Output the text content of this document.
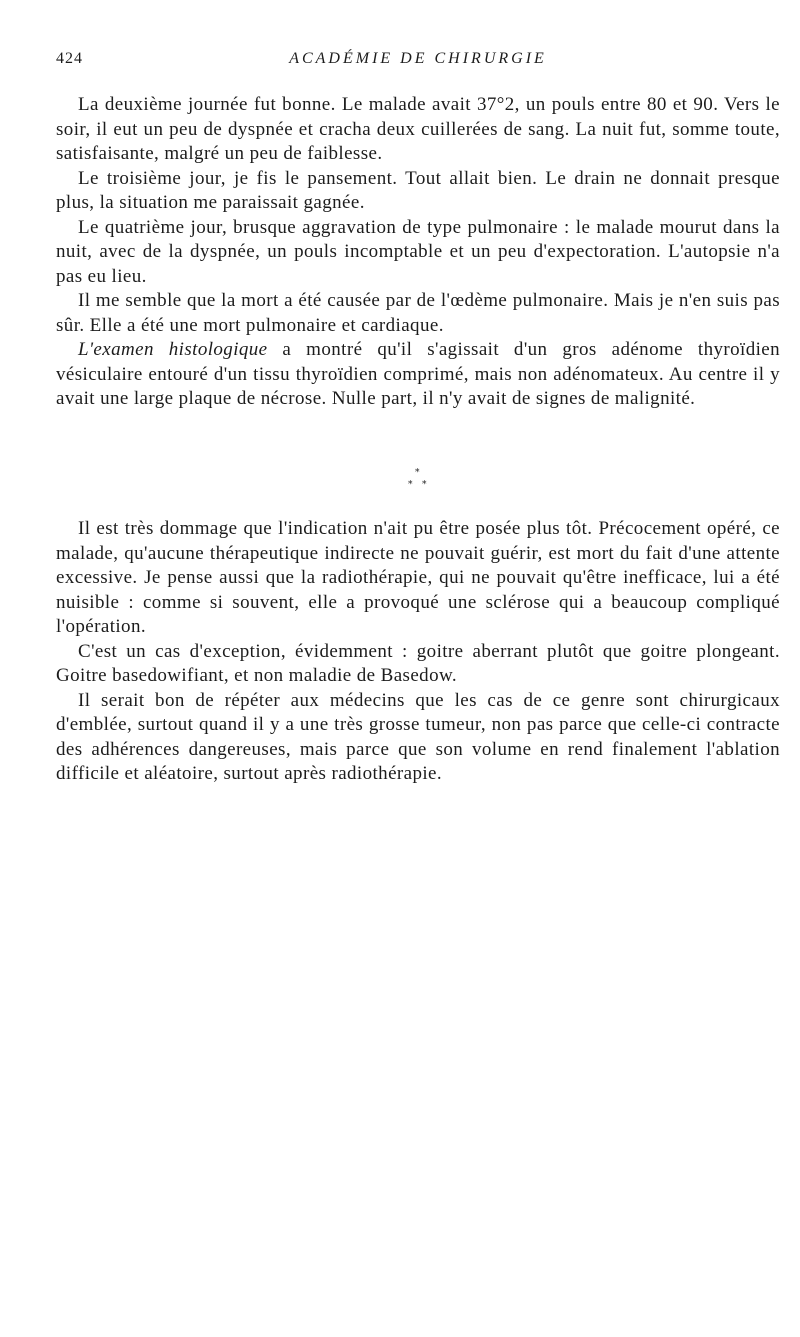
424	ACADÉMIE DE CHIRURGIE

La deuxième journée fut bonne. Le malade avait 37°2, un pouls entre 80 et 90. Vers le soir, il eut un peu de dyspnée et cracha deux cuillerées de sang. La nuit fut, somme toute, satisfaisante, malgré un peu de faiblesse.

Le troisième jour, je fis le pansement. Tout allait bien. Le drain ne donnait presque plus, la situation me paraissait gagnée.

Le quatrième jour, brusque aggravation de type pulmonaire : le malade mourut dans la nuit, avec de la dyspnée, un pouls incomptable et un peu d'expectoration. L'autopsie n'a pas eu lieu.

Il me semble que la mort a été causée par de l'œdème pulmonaire. Mais je n'en suis pas sûr. Elle a été une mort pulmonaire et cardiaque.

L'examen histologique a montré qu'il s'agissait d'un gros adénome thyroïdien vésiculaire entouré d'un tissu thyroïdien comprimé, mais non adénomateux. Au centre il y avait une large plaque de nécrose. Nulle part, il n'y avait de signes de malignité.

*
* *

Il est très dommage que l'indication n'ait pu être posée plus tôt. Précocement opéré, ce malade, qu'aucune thérapeutique indirecte ne pouvait guérir, est mort du fait d'une attente excessive. Je pense aussi que la radiothérapie, qui ne pouvait qu'être inefficace, lui a été nuisible : comme si souvent, elle a provoqué une sclérose qui a beaucoup compliqué l'opération.

C'est un cas d'exception, évidemment : goitre aberrant plutôt que goitre plongeant. Goitre basedowifiant, et non maladie de Basedow.

Il serait bon de répéter aux médecins que les cas de ce genre sont chirurgicaux d'emblée, surtout quand il y a une très grosse tumeur, non pas parce que celle-ci contracte des adhérences dangereuses, mais parce que son volume en rend finalement l'ablation difficile et aléatoire, surtout après radiothérapie.
